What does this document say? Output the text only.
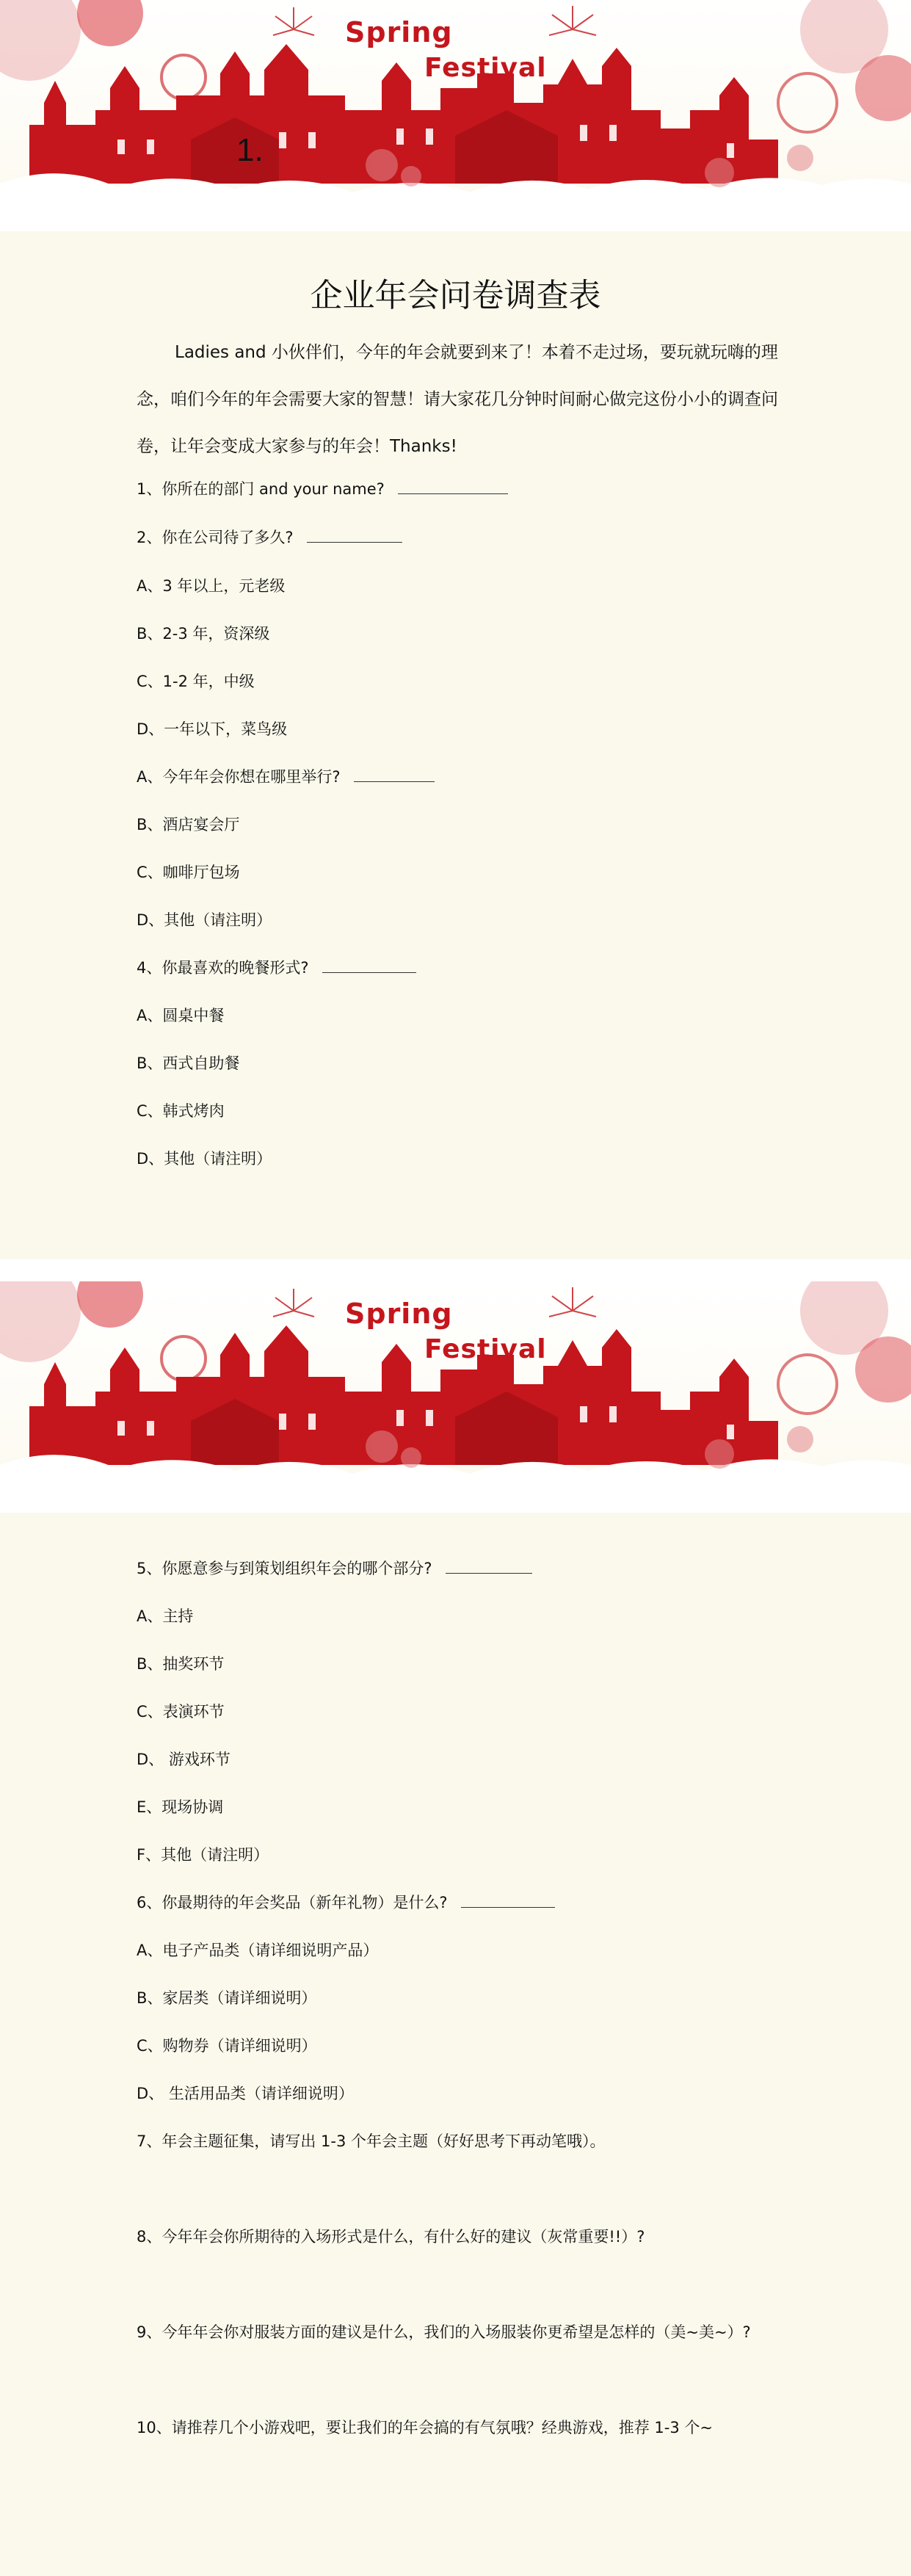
Spring
Festival
1.
企业年会问卷调查表
Ladies and 小伙伴们，今年的年会就要到来了！本着不走过场，要玩就玩嗨的理念，咱们今年的年会需要大家的智慧！请大家花几分钟时间耐心做完这份小小的调查问卷，让年会变成大家参与的年会！Thanks!
1、你所在的部门 and your name?
2、你在公司待了多久?
A、3 年以上，元老级
B、2-3 年，资深级
C、1-2 年，中级
D、一年以下，菜鸟级
A、今年年会你想在哪里举行?
B、酒店宴会厅
C、咖啡厅包场
D、其他（请注明）
4、你最喜欢的晚餐形式?
A、圆桌中餐
B、西式自助餐
C、韩式烤肉
D、其他（请注明）
Spring
Festival
5、你愿意参与到策划组织年会的哪个部分?
A、主持
B、抽奖环节
C、表演环节
D、 游戏环节
E、现场协调
F、其他（请注明）
6、你最期待的年会奖品（新年礼物）是什么?
A、电子产品类（请详细说明产品）
B、家居类（请详细说明）
C、购物券（请详细说明）
D、 生活用品类（请详细说明）
7、年会主题征集，请写出 1-3 个年会主题（好好思考下再动笔哦）。
8、今年年会你所期待的入场形式是什么，有什么好的建议（灰常重要!!）?
9、今年年会你对服装方面的建议是什么，我们的入场服装你更希望是怎样的（美~美~）?
10、请推荐几个小游戏吧，要让我们的年会搞的有气氛哦？经典游戏，推荐 1-3 个~
